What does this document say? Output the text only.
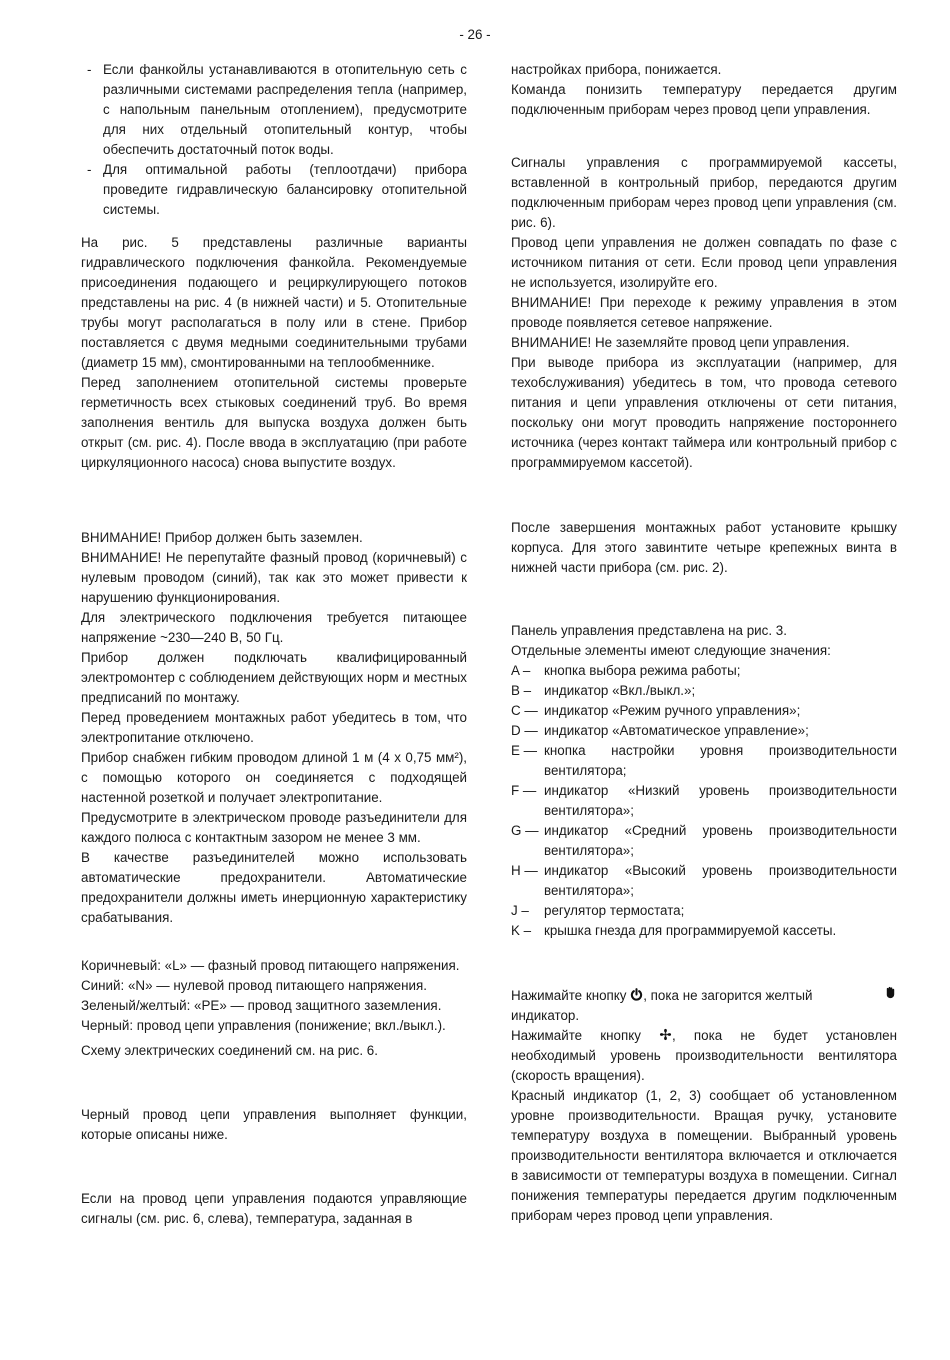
- 26 -
- Если фанкойлы устанавливаются в отопительную сеть с различными системами распределения тепла (например, с напольным панельным отоплением), предусмотрите для них отдельный отопительный контур, чтобы обеспечить достаточный поток воды.
- Для оптимальной работы (теплоотдачи) прибора проведите гидравлическую балансировку отопительной системы.

На рис. 5 представлены различные варианты гидравлического подключения фанкойла. Рекомендуемые присоединения подающего и рециркулирующего потоков представлены на рис. 4 (в нижней части) и 5. Отопительные трубы могут располагаться в полу или в стене. Прибор поставляется с двумя медными соединительными трубами (диаметр 15 мм), смонтированными на теплообменнике.

Перед заполнением отопительной системы проверьте герметичность всех стыковых соединений труб. Во время заполнения вентиль для выпуска воздуха должен быть открыт (см. рис. 4). После ввода в эксплуатацию (при работе циркуляционного насоса) снова выпустите воздух.

ВНИМАНИЕ! Прибор должен быть заземлен.

ВНИМАНИЕ! Не перепутайте фазный провод (коричневый) с нулевым проводом (синий), так как это может привести к нарушению функционирования.

Для электрического подключения требуется питающее напряжение ~230—240 В, 50 Гц.

Прибор должен подключать квалифицированный электромонтер с соблюдением действующих норм и местных предписаний по монтажу.

Перед проведением монтажных работ убедитесь в том, что электропитание отключено.

Прибор снабжен гибким проводом длиной 1 м (4 x 0,75 мм²), с помощью которого он соединяется с подходящей настенной розеткой и получает электропитание.

Предусмотрите в электрическом проводе разъединители для каждого полюса с контактным зазором не менее 3 мм.

В качестве разъединителей можно использовать автоматические предохранители. Автоматические предохранители должны иметь инерционную характеристику срабатывания.

Коричневый: «L» — фазный провод питающего напряжения.

Синий: «N» — нулевой провод питающего напряжения.

Зеленый/желтый: «PE» — провод защитного заземления.

Черный: провод цепи управления (понижение; вкл./выкл.).

Схему электрических соединений см. на рис. 6.

Черный провод цепи управления выполняет функции, которые описаны ниже.

Если на провод цепи управления подаются управляющие сигналы (см. рис. 6, слева), температура, заданная в

настройках прибора, понижается.

Команда понизить температуру передается другим подключенным приборам через провод цепи управления.

Сигналы управления с программируемой кассеты, вставленной в контрольный прибор, передаются другим подключенным приборам через провод цепи управления (см. рис. 6).

Провод цепи управления не должен совпадать по фазе с источником питания от сети. Если провод цепи управления не используется, изолируйте его.

ВНИМАНИЕ! При переходе к режиму управления в этом проводе появляется сетевое напряжение.

ВНИМАНИЕ! Не заземляйте провод цепи управления.

При выводе прибора из эксплуатации (например, для техобслуживания) убедитесь в том, что провода сетевого питания и цепи управления отключены от сети питания, поскольку они могут проводить напряжение постороннего источника (через контакт таймера или контрольный прибор с программируемом кассетой).

После завершения монтажных работ установите крышку корпуса. Для этого завинтите четыре крепежных винта в нижней части прибора (см. рис. 2).

Панель управления представлена на рис. 3.

Отдельные элементы имеют следующие значения:

A –	кнопка выбора режима работы;
B – индикатор «Вкл./выкл.»;
C — индикатор «Режим ручного управления»;
D — индикатор «Автоматическое управление»;
E — кнопка настройки уровня производительности вентилятора;
F — индикатор «Низкий уровень производительности вентилятора»;
G — индикатор «Средний уровень производительности вентилятора»;
H — индикатор «Высокий уровень производительности вентилятора»;
J –	регулятор термостата;
K – крышка гнезда для программируемой кассеты.

Нажимайте кнопку , пока не загорится желтый

индикатор.

Нажимайте кнопку , пока не будет установлен необходимый уровень производительности вентилятора (скорость вращения).

Красный индикатор (1, 2, 3) сообщает об установленном уровне производительности. Вращая ручку, установите температуру воздуха в помещении. Выбранный уровень производительности вентилятора включается и отключается в зависимости от температуры воздуха в помещении. Сигнал понижения температуры передается другим подключенным приборам через провод цепи управления.
